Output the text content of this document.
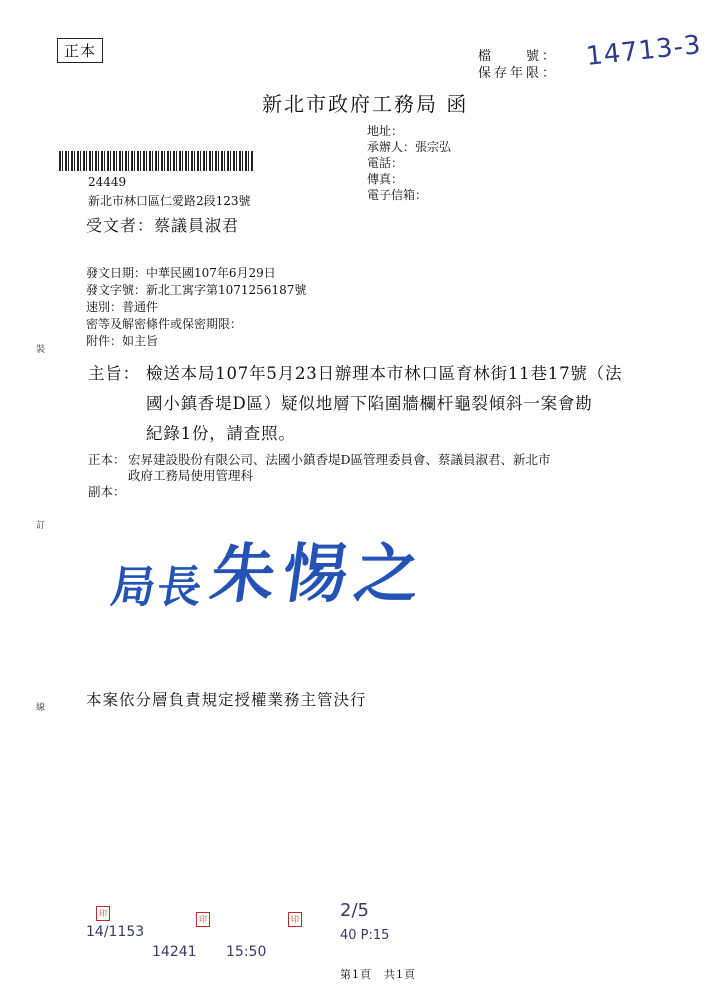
正本	檔　　號：
保存年限：
14713-3
新北市政府工務局 函
地址：
承辦人：張宗弘
電話：
傳真：
電子信箱：
24449
新北市林口區仁愛路2段123號
受文者：蔡議員淑君
發文日期：中華民國107年6月29日
發文字號：新北工寓字第1071256187號
速別：普通件
密等及解密條件或保密期限：
附件：如主旨
裝
訂
線
主旨： 檢送本局107年5月23日辦理本市林口區育林街11巷17號（法
國小鎮香堤D區）疑似地層下陷圍牆欄杆龜裂傾斜一案會勘
紀錄1份，請查照。
正本： 宏昇建設股份有限公司、法國小鎮香堤D區管理委員會、蔡議員淑君、新北市
政府工務局使用管理科
副本：
局長 朱惕之
本案依分層負責規定授權業務主管決行
印
14/1153
印
14241 15:50
印 2/5
40 P:15
第1頁　共1頁
